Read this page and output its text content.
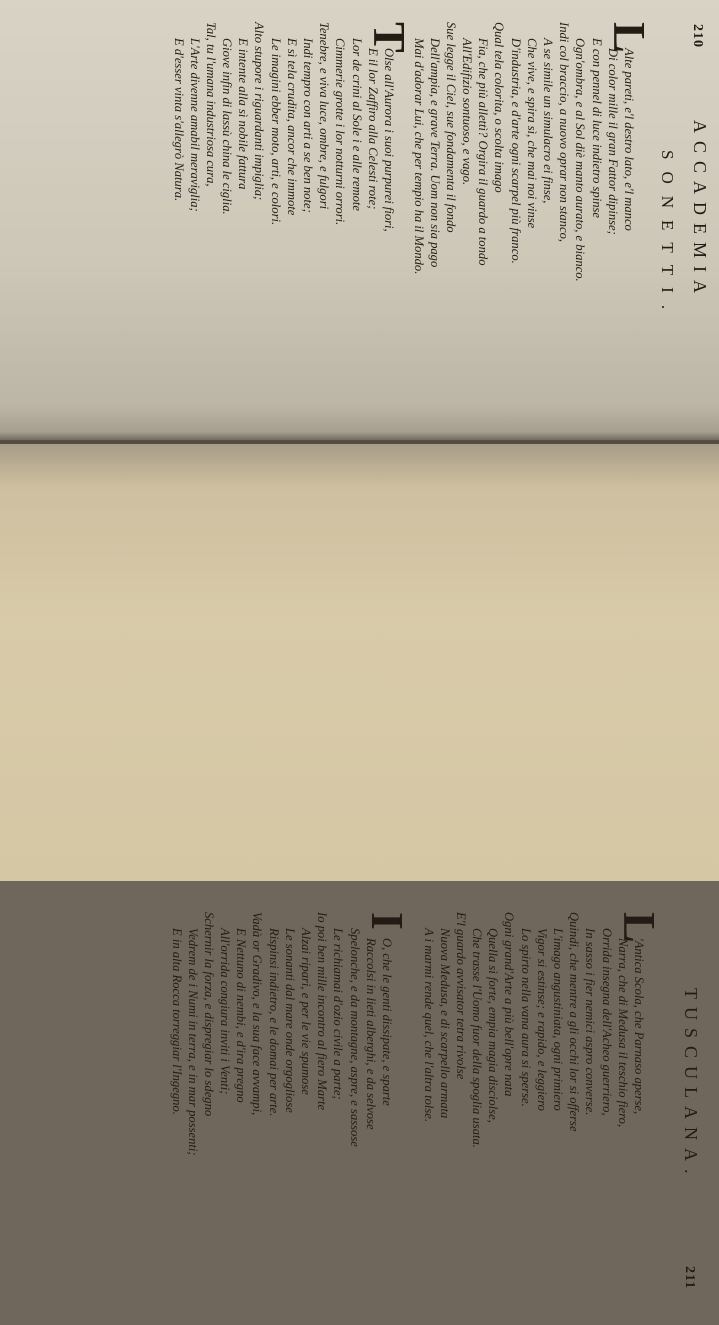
210
ACCADEMIA
SONETTI.
L
Alte pareti, e'l destro lato, e'l manco
Di color mille il gran Fattor dipinse;
E con pennel di luce indietro spinse
Ogn'ombra, e al Sol diè manto aurato, e bianco.
Indi col braccio, a nuovo oprar non stanco,
A se simile un simulacro ei finse,
Che vive, e spira sì, che mai noi vinse
D'industria, e d'arte ogni scarpel più franco.
Qual tela colorita, o scolta imago
Fia, che più allettì? Orgira il guardo a tondo
All'Edifizio sontuoso, e vago.
Sue legge il Ciel, sue fondamenta il fondo
Dell'ampia, e grave Terra. Uom non sia pago
Mai d'adorar Lui, che per tempio ha il Mondo.
T
Olse all'Aurora i suoi purpurei fiori,
E il lor Zaffiro alla Celesti rote;
Lor de crini al Sole i e alle remote
Cimmerie grotte i lor notturni orrori.
Tenebre, e viva luce, ombre, e fulgori
Indi tempro con arti a se ben note;
E sì tela crudita, ancor che immote
Le imagini ebber moto, arti, e colori.
Alto stupore i riguardanti impiglia;
E intente alla sì nobile fattura
Giove infin di lassù china le ciglia.
Tal, tu l'umana industriosa cura,
L'Arte divenne amabil meraviglia;
E d'esser vinta s'allegrò Natura.
TUSCULANA.
211
L
'Antica Scola, che Parnaso aperse,
Narra, che di Medusa il teschio fiero,
Orrida insegna dell'Acheo guerriero,
In sasso i fier nemici aspro converse.
Quindi, che mentre a gli occhi lor si offerse
L'imago angustiniata, ogni primiero
Vigor si estinse; e rapido, e leggiero
Lo spirto nella vana aura si sperse.
Ogni grand'Arte a più bell'opre nata
Quella sì forte, empia magia disciolse,
Che trasse l'Uomo fuor della spoglia usata.
E'l guardo avvisator tetra rivolse
Nuova Medusa, e di scarpello armata
A i marmi rende quel, che l'altra tolse.
I
O, che le genti dissipate, e sparte
Raccolsi in lieti alberghi, e da selvose
Spelonche, e da montagne, aspre, e sassose
Le richiamai d'ozio civile a parte;
Io poi ben mille incontro al fiero Marte
Alzai ripari, e per le vie spumose
Le sonanti dal mare onde orgogliose
Rispinsi indietro, e le domai per arte.
Vadà or Gradivo, e la sua face avvampi,
E Nettuno di nembi, e d'ira pregno
All'orrida congiura inviti i Venti;
Schernir la forza, e dispregiar lo sdegno
Vedrem de i Numi in terra, e in mar possenti;
E in alta Rocca torreggiar l'Ingegno.
